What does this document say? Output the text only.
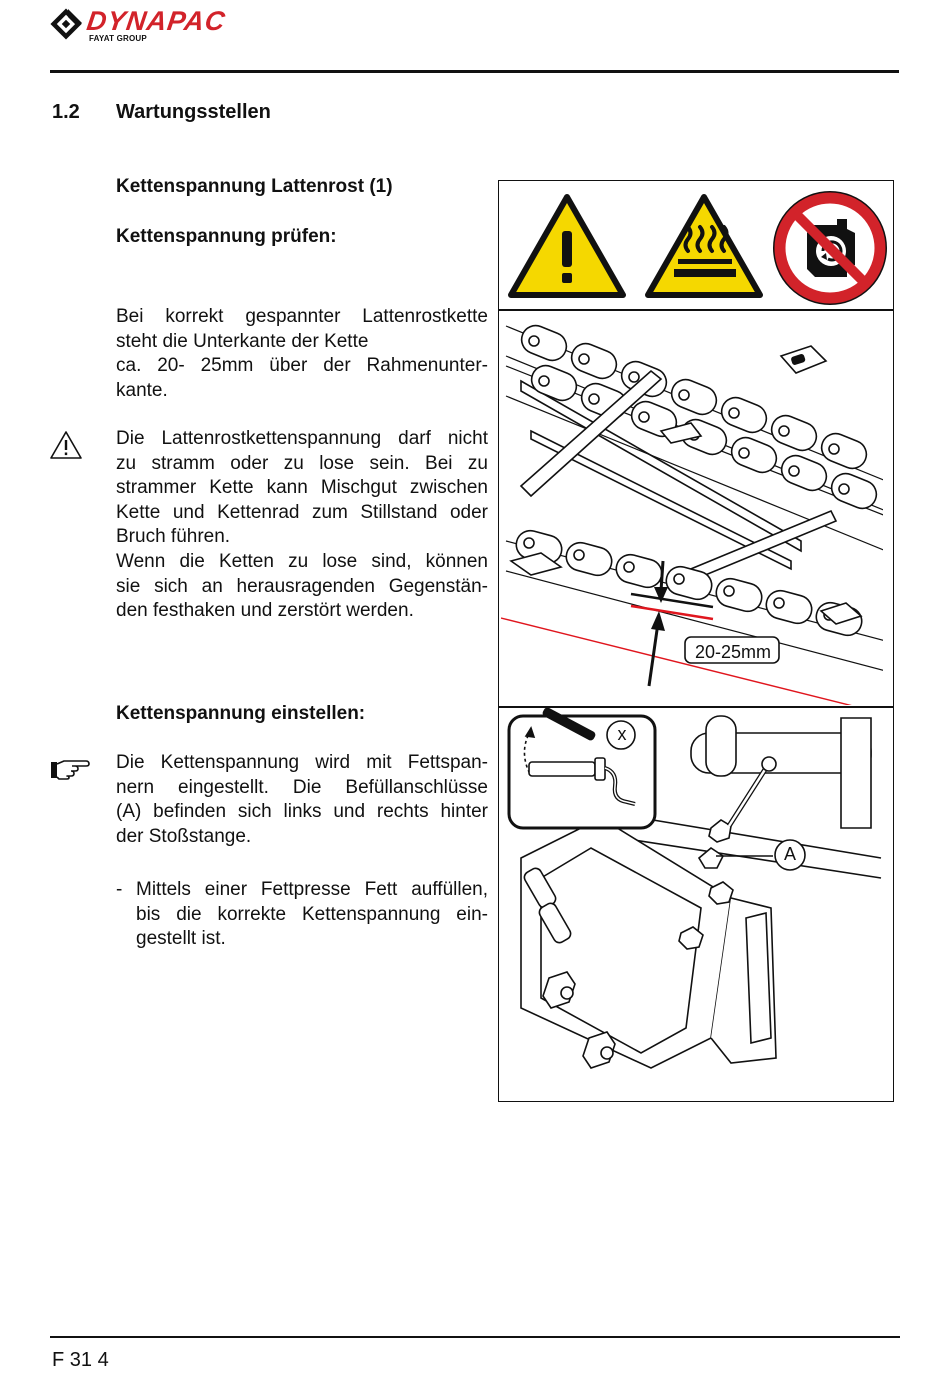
DYNAPAC
FAYAT GROUP
1.2 Wartungsstellen
Kettenspannung Lattenrost (1)
Kettenspannung prüfen:
Bei korrekt gespannter Lattenrostkette
steht die Unterkante der Kette
ca. 20- 25mm über der Rahmenunter-
kante.
Die Lattenrostkettenspannung darf nicht
zu stramm oder zu lose sein. Bei zu
strammer Kette kann Mischgut zwischen
Kette und Kettenrad zum Stillstand oder
Bruch führen.
Wenn die Ketten zu lose sind, können
sie sich an herausragenden Gegenstän-
den festhaken und zerstört werden.
Kettenspannung einstellen:
Die Kettenspannung wird mit Fettspan-
nern eingestellt. Die Befüllanschlüsse
(A) befinden sich links und rechts hinter
der Stoßstange.
- Mittels einer Fettpresse Fett auffüllen,
bis die korrekte Kettenspannung ein-
gestellt ist.
20-25mm
x
A
F 31 4
